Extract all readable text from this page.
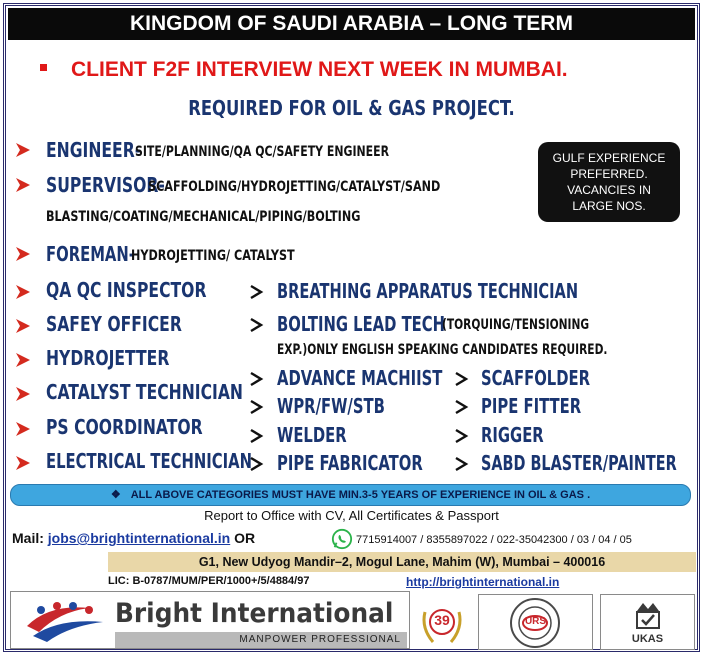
KINGDOM OF SAUDI ARABIA – LONG TERM
CLIENT F2F INTERVIEW NEXT WEEK IN MUMBAI.
REQUIRED FOR OIL & GAS PROJECT.
ENGINEER-
SITE/PLANNING/QA QC/SAFETY ENGINEER
SUPERVISOR-
SCAFFOLDING/HYDROJETTING/CATALYST/SAND
BLASTING/COATING/MECHANICAL/PIPING/BOLTING
FOREMAN-
HYDROJETTING/ CATALYST
GULF EXPERIENCE
PREFERRED.
VACANCIES IN
LARGE NOS.
QA QC INSPECTOR
SAFEY OFFICER
HYDROJETTER
CATALYST TECHNICIAN
PS COORDINATOR
ELECTRICAL TECHNICIAN
BREATHING APPARATUS TECHNICIAN
BOLTING LEAD TECH
(TORQUING/TENSIONING
EXP.)ONLY ENGLISH SPEAKING CANDIDATES REQUIRED.
ADVANCE MACHIIST
WPR/FW/STB
WELDER
PIPE FABRICATOR
SCAFFOLDER
PIPE FITTER
RIGGER
SABD BLASTER/PAINTER
❖ ALL ABOVE CATEGORIES MUST HAVE MIN.3-5 YEARS OF EXPERIENCE IN OIL & GAS .
Report to Office with CV, All Certificates & Passport
Mail: jobs@brightinternational.in OR	7715914007 / 8355897022 / 022-35042300 / 03 / 04 / 05
G1, New Udyog Mandir–2, Mogul Lane, Mahim (W), Mumbai – 400016
LIC: B-0787/MUM/PER/1000+/5/4884/97	http://brightinternational.in
Bright International
MANPOWER PROFESSIONAL
39	URS
UKAS
